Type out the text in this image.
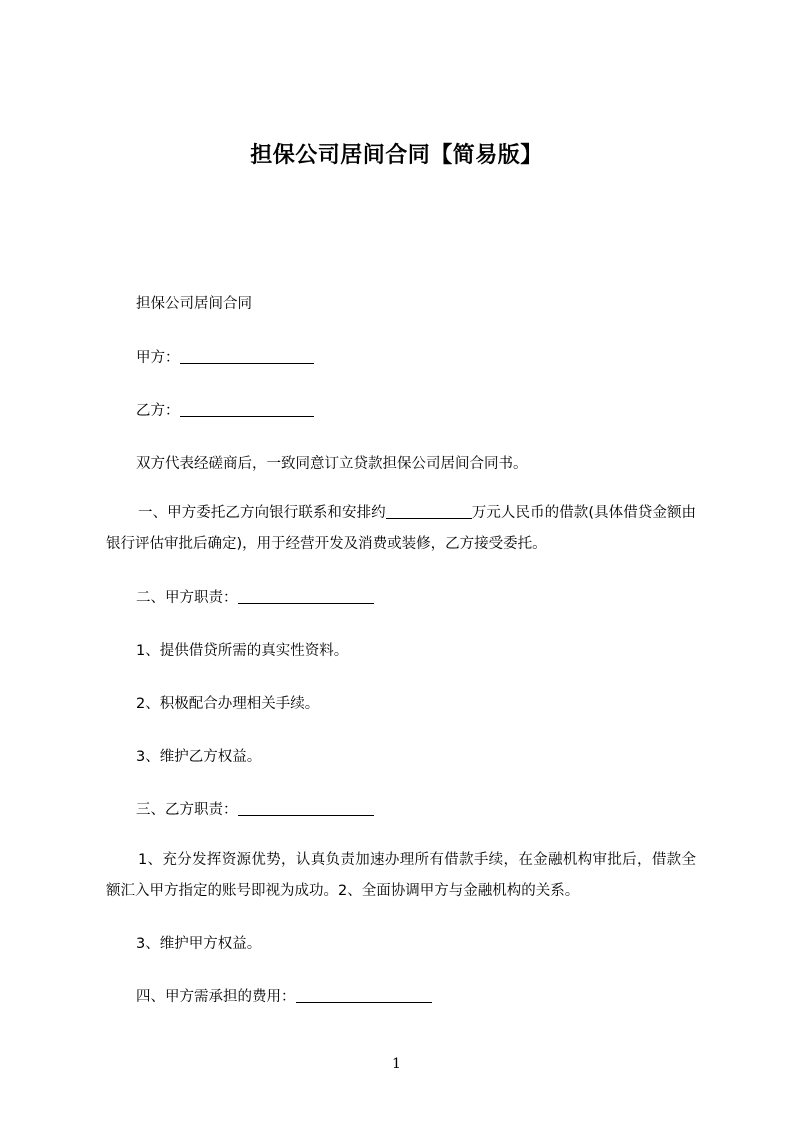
担保公司居间合同【简易版】
担保公司居间合同
甲方：
乙方：
双方代表经磋商后，一致同意订立贷款担保公司居间合同书。
一、甲方委托乙方向银行联系和安排约	万元人民币的借款(具体借贷金额由银行评估审批后确定)，用于经营开发及消费或装修，乙方接受委托。
二、甲方职责：
1、提供借贷所需的真实性资料。
2、积极配合办理相关手续。
3、维护乙方权益。
三、乙方职责：
1、充分发挥资源优势，认真负责加速办理所有借款手续，在金融机构审批后，借款全额汇入甲方指定的账号即视为成功。2、全面协调甲方与金融机构的关系。
3、维护甲方权益。
四、甲方需承担的费用：
1
